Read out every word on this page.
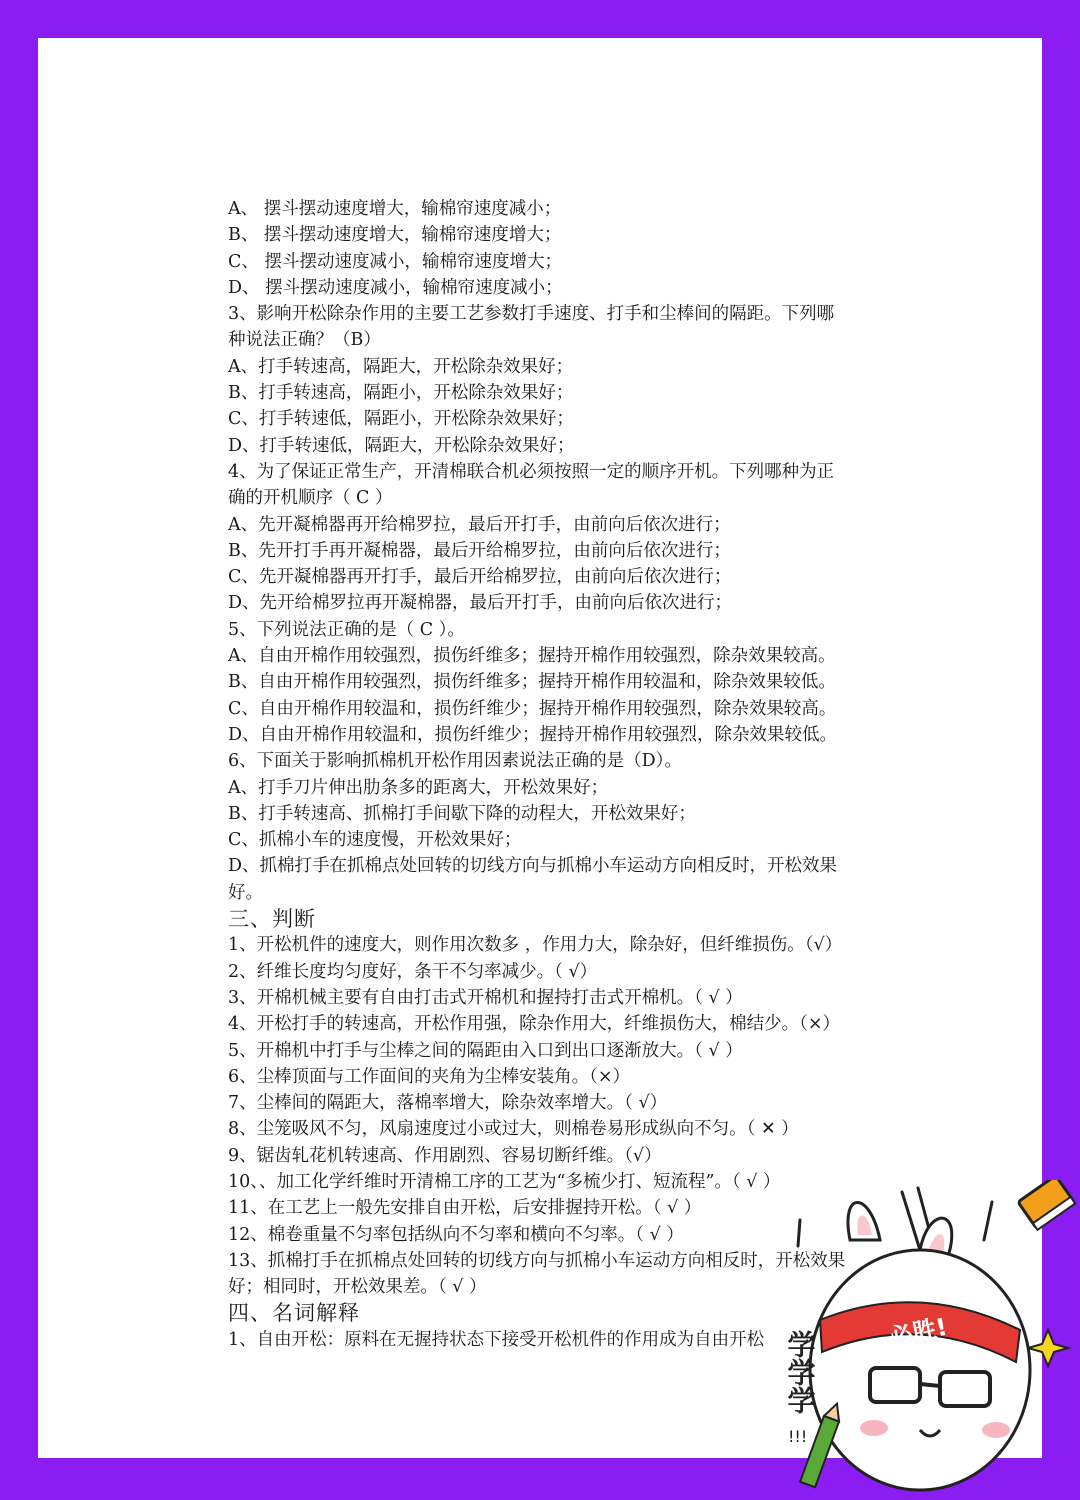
A、 摆斗摆动速度增大，输棉帘速度减小；
B、 摆斗摆动速度增大，输棉帘速度增大；
C、 摆斗摆动速度减小，输棉帘速度增大；
D、 摆斗摆动速度减小，输棉帘速度减小；
3、影响开松除杂作用的主要工艺参数打手速度、打手和尘棒间的隔距。下列哪
种说法正确？（B）
A、打手转速高，隔距大，开松除杂效果好；
B、打手转速高，隔距小，开松除杂效果好；
C、打手转速低，隔距小，开松除杂效果好；
D、打手转速低，隔距大，开松除杂效果好；
4、为了保证正常生产，开清棉联合机必须按照一定的顺序开机。下列哪种为正
确的开机顺序（ C ）
A、先开凝棉器再开给棉罗拉，最后开打手，由前向后依次进行；
B、先开打手再开凝棉器，最后开给棉罗拉，由前向后依次进行；
C、先开凝棉器再开打手，最后开给棉罗拉，由前向后依次进行；
D、先开给棉罗拉再开凝棉器，最后开打手，由前向后依次进行；
5、下列说法正确的是（ C ）。
A、自由开棉作用较强烈，损伤纤维多；握持开棉作用较强烈，除杂效果较高。
B、自由开棉作用较强烈，损伤纤维多；握持开棉作用较温和，除杂效果较低。
C、自由开棉作用较温和，损伤纤维少；握持开棉作用较强烈，除杂效果较高。
D、自由开棉作用较温和，损伤纤维少；握持开棉作用较强烈，除杂效果较低。
6、下面关于影响抓棉机开松作用因素说法正确的是（D）。
A、打手刀片伸出肋条多的距离大，开松效果好；
B、打手转速高、抓棉打手间歇下降的动程大，开松效果好；
C、抓棉小车的速度慢，开松效果好；
D、抓棉打手在抓棉点处回转的切线方向与抓棉小车运动方向相反时，开松效果
好。
三、判断
1、开松机件的速度大，则作用次数多 ，作用力大，除杂好，但纤维损伤。（√）
2、纤维长度均匀度好，条干不匀率减少。（ √）
3、开棉机械主要有自由打击式开棉机和握持打击式开棉机。（ √ ）
4、开松打手的转速高，开松作用强，除杂作用大，纤维损伤大，棉结少。（×）
5、开棉机中打手与尘棒之间的隔距由入口到出口逐渐放大。（ √ ）
6、尘棒顶面与工作面间的夹角为尘棒安装角。（×）
7、尘棒间的隔距大，落棉率增大，除杂效率增大。（ √）
8、尘笼吸风不匀，风扇速度过小或过大，则棉卷易形成纵向不匀。（ ✕ ）
9、锯齿轧花机转速高、作用剧烈、容易切断纤维。（√）
10、、加工化学纤维时开清棉工序的工艺为“多梳少打、短流程”。（ √ ）
11、在工艺上一般先安排自由开松，后安排握持开松。（ √ ）
12、棉卷重量不匀率包括纵向不匀率和横向不匀率。（ √ ）
13、抓棉打手在抓棉点处回转的切线方向与抓棉小车运动方向相反时，开松效果
好；相同时，开松效果差。（ √ ）
四、名词解释
1、自由开松：原料在无握持状态下接受开松机件的作用成为自由开松	必胜!
学学学
!!!
